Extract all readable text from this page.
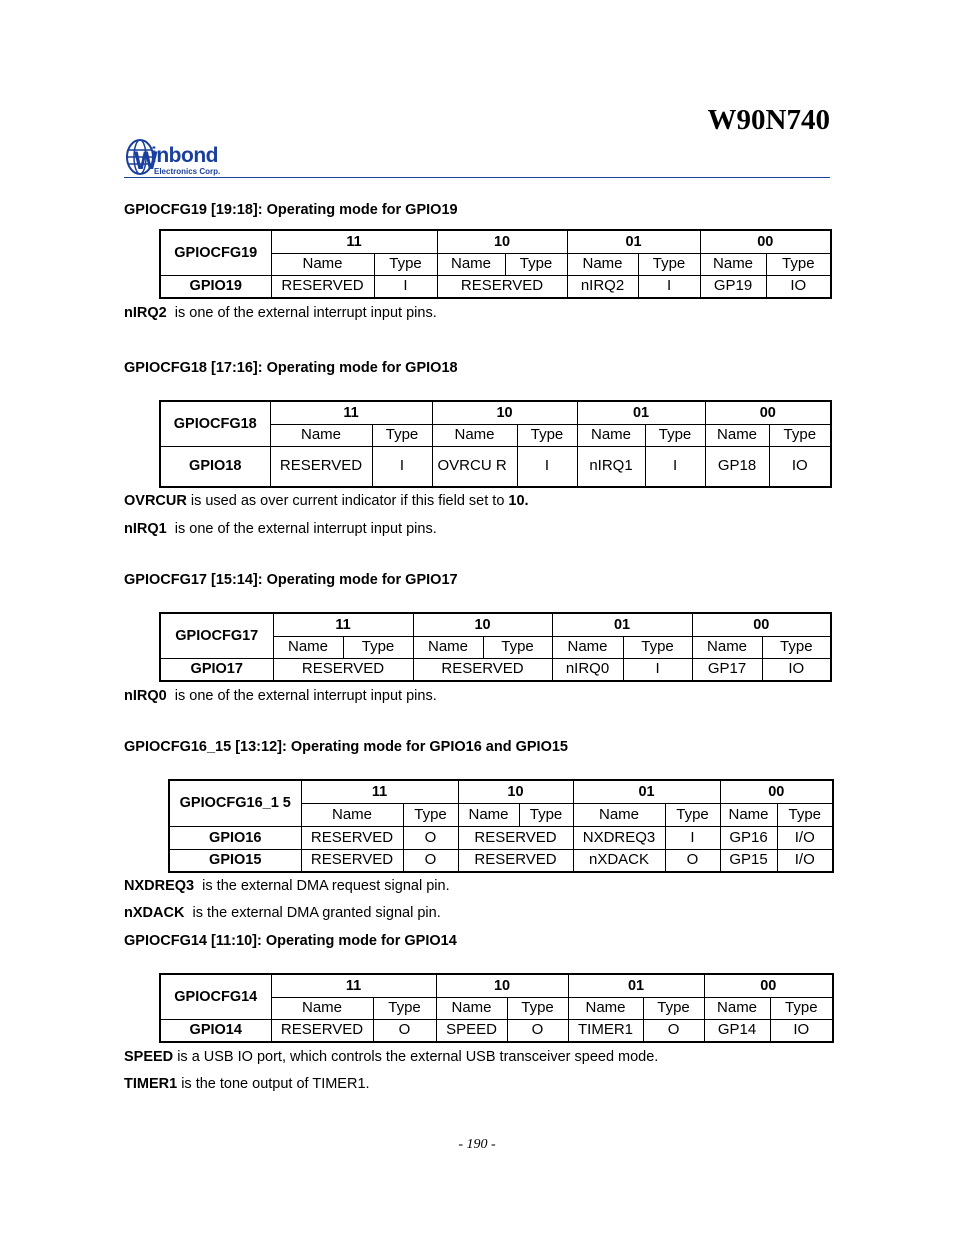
W90N740
W
inbond
Electronics Corp.
GPIOCFG19 [19:18]: Operating mode for GPIO19
GPIOCFG19	11		10		01		00	
	Name	Type	Name	Type	Name	Type	Name	Type
GPIO19	RESERVED	I	RESERVED		nIRQ2	I	GP19	IO
nIRQ2  is one of the external interrupt input pins.
GPIOCFG18 [17:16]: Operating mode for GPIO18
GPIOCFG18	11		10		01		00	
	Name	Type	Name	Type	Name	Type	Name	Type
GPIO18	RESERVED	I	OVRCU R	I	nIRQ1	I	GP18	IO
OVRCUR is used as over current indicator if this field set to 10.
nIRQ1  is one of the external interrupt input pins.
GPIOCFG17 [15:14]: Operating mode for GPIO17
GPIOCFG17	11		10		01		00	
	Name	Type	Name	Type	Name	Type	Name	Type
GPIO17	RESERVED		RESERVED		nIRQ0	I	GP17	IO
nIRQ0  is one of the external interrupt input pins.
GPIOCFG16_15 [13:12]: Operating mode for GPIO16 and GPIO15
GPIOCFG16_1 5	11		10	01		00	
	Name	Type	Name Type	Name	Type	Name	Type
GPIO16	RESERVED	O	RESERVED	NXDREQ3	I	GP16	I/O
GPIO15	RESERVED	O	RESERVED	nXDACK	O	GP15	I/O
NXDREQ3  is the external DMA request signal pin.
nXDACK  is the external DMA granted signal pin.
GPIOCFG14 [11:10]: Operating mode for GPIO14
GPIOCFG14	11		10		01		00	
	Name	Type	Name	Type	Name	Type	Name	Type
GPIO14	RESERVED	O	SPEED	O	TIMER1	O	GP14	IO
SPEED is a USB IO port, which controls the external USB transceiver speed mode.
TIMER1 is the tone output of TIMER1.
- 190 -
